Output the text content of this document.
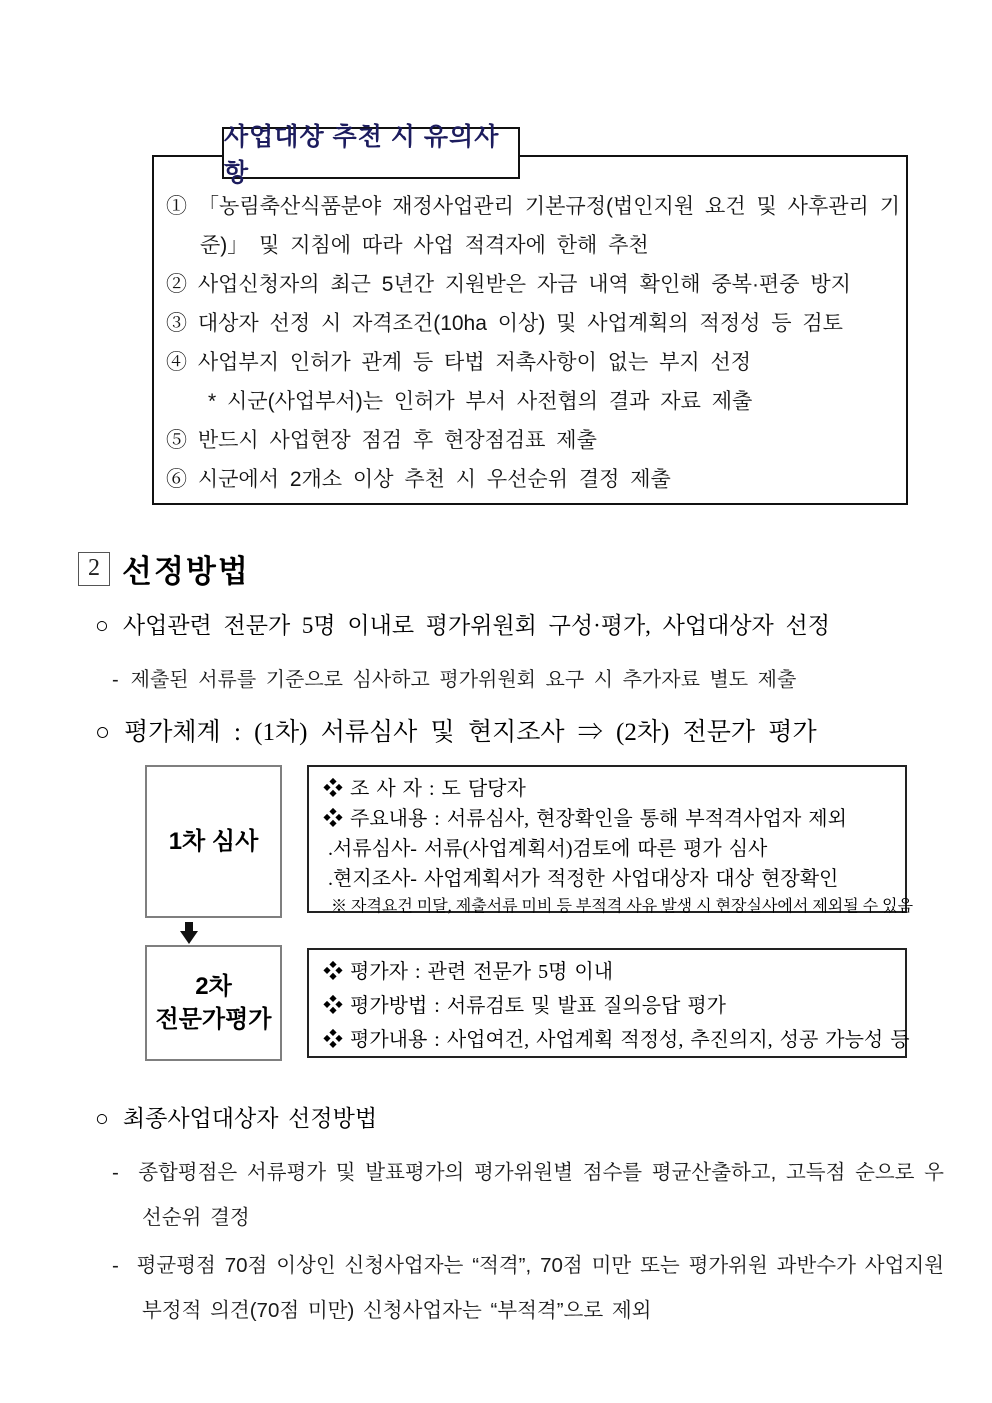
사업대상 추천 시 유의사항
① 「농림축산식품분야 재정사업관리 기본규정(법인지원 요건 및 사후관리 기준)」 및 지침에 따라 사업 적격자에 한해 추천
② 사업신청자의 최근 5년간 지원받은 자금 내역 확인해 중복·편중 방지
③ 대상자 선정 시 자격조건(10ha 이상) 및 사업계획의 적정성 등 검토
④ 사업부지 인허가 관계 등 타법 저촉사항이 없는 부지 선정
* 시군(사업부서)는 인허가 부서 사전협의 결과 자료 제출
⑤ 반드시 사업현장 점검 후 현장점검표 제출
⑥ 시군에서 2개소 이상 추천 시 우선순위 결정 제출
2 선정방법
○ 사업관련 전문가 5명 이내로 평가위원회 구성·평가, 사업대상자 선정
- 제출된 서류를 기준으로 심사하고 평가위원회 요구 시 추가자료 별도 제출
○ 평가체계 : (1차) 서류심사 및 현지조사 ⇒ (2차) 전문가 평가
1차 심사
❖ 조 사 자 : 도 담당자
❖ 주요내용 : 서류심사, 현장확인을 통해 부적격사업자 제외
.서류심사- 서류(사업계획서)검토에 따른 평가 심사
.현지조사- 사업계획서가 적정한 사업대상자 대상 현장확인
※ 자격요건 미달, 제출서류 미비 등 부적격 사유 발생 시 현장실사에서 제외될 수 있음
2차
전문가평가
❖ 평가자 : 관련 전문가 5명 이내
❖ 평가방법 : 서류검토 및 발표 질의응답 평가
❖ 평가내용 : 사업여건, 사업계획 적정성, 추진의지, 성공 가능성 등
○ 최종사업대상자 선정방법
- 종합평점은 서류평가 및 발표평가의 평가위원별 점수를 평균산출하고, 고득점 순으로 우선순위 결정
- 평균평점 70점 이상인 신청사업자는 “적격”, 70점 미만 또는 평가위원 과반수가 사업지원 부정적 의견(70점 미만) 신청사업자는 “부적격”으로 제외
